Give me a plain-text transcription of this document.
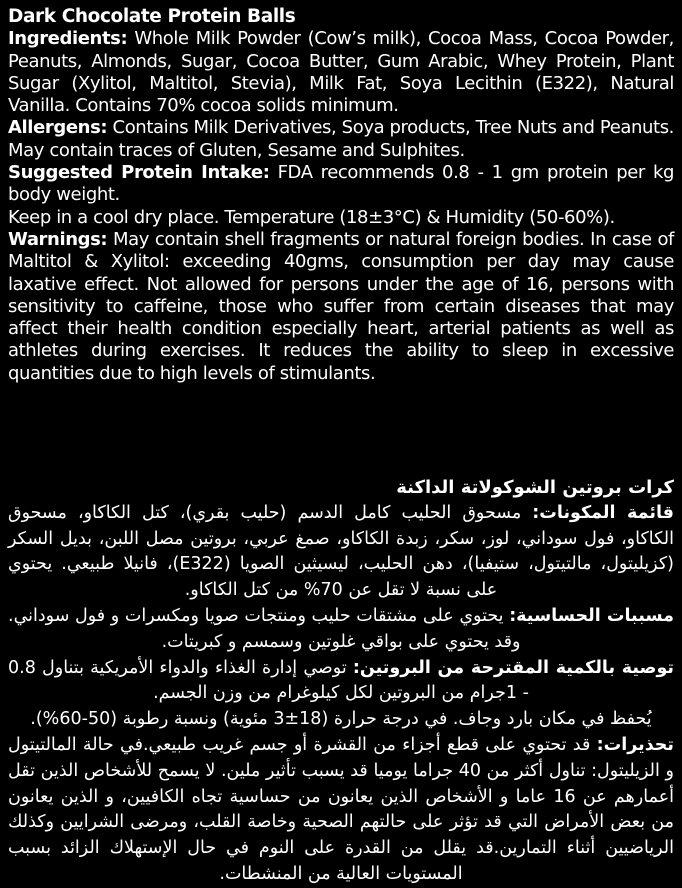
Dark Chocolate Protein Balls

Ingredients: Whole Milk Powder (Cow’s milk), Cocoa Mass, Cocoa Powder, Peanuts, Almonds, Sugar, Cocoa Butter, Gum Arabic, Whey Protein, Plant Sugar (Xylitol, Maltitol, Stevia), Milk Fat, Soya Lecithin (E322), Natural Vanilla. Contains 70% cocoa solids minimum.

Allergens: Contains Milk Derivatives, Soya products, Tree Nuts and Peanuts. May contain traces of Gluten, Sesame and Sulphites.

Suggested Protein Intake: FDA recommends 0.8 - 1 gm protein per kg body weight.

Keep in a cool dry place. Temperature (18±3°C) & Humidity (50-60%).

Warnings: May contain shell fragments or natural foreign bodies. In case of Maltitol & Xylitol: exceeding 40gms, consumption per day may cause laxative effect. Not allowed for persons under the age of 16, persons with sensitivity to caffeine, those who suffer from certain diseases that may affect their health condition especially heart, arterial patients as well as athletes during exercises. It reduces the ability to sleep in excessive quantities due to high levels of stimulants.

كرات بروتين الشوكولاتة الداكنة

قائمة المكونات: مسحوق الحليب كامل الدسم (حليب بقري)، كتل الكاكاو، مسحوق الكاكاو، فول سوداني، لوز، سكر، زبدة الكاكاو، صمغ عربي، بروتين مصل اللبن، بديل السكر (كزيليتول، مالتيتول، ستيفيا)، دهن الحليب، ليسيثين الصويا (E322)، فانيلا طبيعي. يحتوي على نسبة لا تقل عن 70% من كتل الكاكاو.

مسببات الحساسية: يحتوي على مشتقات حليب ومنتجات صويا ومكسرات و فول سوداني. وقد يحتوي على بواقي غلوتين وسمسم و كبريتات.

توصية بالكمية المقترحة من البروتين: توصي إدارة الغذاء والدواء الأمريكية بتناول 0.8 - 1جرام من البروتين لكل كيلوغرام من وزن الجسم.

يُحفظ في مكان بارد وجاف. في درجة حرارة (18±3 مئوية) ونسبة رطوبة (50-60%).

تحذيرات: قد تحتوي على قطع أجزاء من القشرة أو جسم غريب طبيعي.في حالة المالتيتول و الزيليتول: تناول أكثر من 40 جراما يوميا قد يسبب تأثير ملين. لا يسمح للأشخاص الذين تقل أعمارهم عن 16 عاما و الأشخاص الذين يعانون من حساسية تجاه الكافيين، و الذين يعانون من بعض الأمراض التي قد تؤثر على حالتهم الصحية وخاصة القلب، ومرضى الشرايين وكذلك الرياضيين أثناء التمارين.قد يقلل من القدرة على النوم في حال الإستهلاك الزائد بسبب المستويات العالية من المنشطات.
